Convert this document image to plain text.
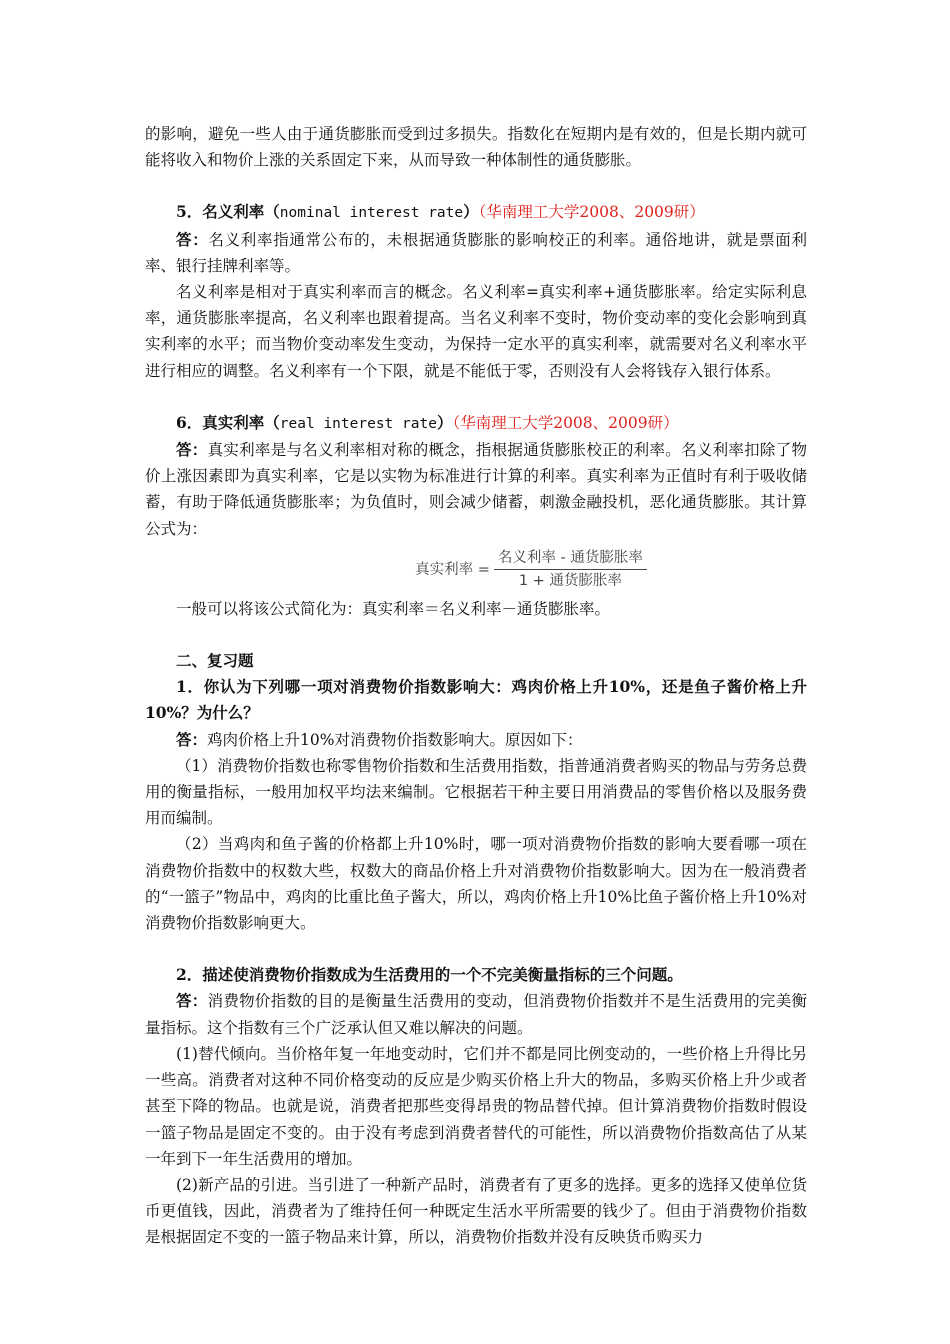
的影响，避免一些人由于通货膨胀而受到过多损失。指数化在短期内是有效的，但是长期内就可能将收入和物价上涨的关系固定下来，从而导致一种体制性的通货膨胀。

5．名义利率（nominal interest rate）（华南理工大学2008、2009研）

答：名义利率指通常公布的，未根据通货膨胀的影响校正的利率。通俗地讲，就是票面利率、银行挂牌利率等。

名义利率是相对于真实利率而言的概念。名义利率=真实利率+通货膨胀率。给定实际利息率，通货膨胀率提高，名义利率也跟着提高。当名义利率不变时，物价变动率的变化会影响到真实利率的水平；而当物价变动率发生变动，为保持一定水平的真实利率，就需要对名义利率水平进行相应的调整。名义利率有一个下限，就是不能低于零，否则没有人会将钱存入银行体系。

6．真实利率（real interest rate）（华南理工大学2008、2009研）

答：真实利率是与名义利率相对称的概念，指根据通货膨胀校正的利率。名义利率扣除了物价上涨因素即为真实利率，它是以实物为标准进行计算的利率。真实利率为正值时有利于吸收储蓄，有助于降低通货膨胀率；为负值时，则会减少储蓄，刺激金融投机，恶化通货膨胀。其计算公式为：

真实利率 = $\frac{\text{名义利率 - 通货膨胀率}}{\text{1 + 通货膨胀率}}$

一般可以将该公式简化为：真实利率＝名义利率－通货膨胀率。

二、复习题

1．你认为下列哪一项对消费物价指数影响大：鸡肉价格上升10%，还是鱼子酱价格上升10%？为什么？

答：鸡肉价格上升10%对消费物价指数影响大。原因如下：

（1）消费物价指数也称零售物价指数和生活费用指数，指普通消费者购买的物品与劳务总费用的衡量指标，一般用加权平均法来编制。它根据若干种主要日用消费品的零售价格以及服务费用而编制。

（2）当鸡肉和鱼子酱的价格都上升10%时，哪一项对消费物价指数的影响大要看哪一项在消费物价指数中的权数大些，权数大的商品价格上升对消费物价指数影响大。因为在一般消费者的“一篮子”物品中，鸡肉的比重比鱼子酱大，所以，鸡肉价格上升10%比鱼子酱价格上升10%对消费物价指数影响更大。

2．描述使消费物价指数成为生活费用的一个不完美衡量指标的三个问题。

答：消费物价指数的目的是衡量生活费用的变动，但消费物价指数并不是生活费用的完美衡量指标。这个指数有三个广泛承认但又难以解决的问题。

(1)替代倾向。当价格年复一年地变动时，它们并不都是同比例变动的，一些价格上升得比另一些高。消费者对这种不同价格变动的反应是少购买价格上升大的物品，多购买价格上升少或者甚至下降的物品。也就是说，消费者把那些变得昂贵的物品替代掉。但计算消费物价指数时假设一篮子物品是固定不变的。由于没有考虑到消费者替代的可能性，所以消费物价指数高估了从某一年到下一年生活费用的增加。

(2)新产品的引进。当引进了一种新产品时，消费者有了更多的选择。更多的选择又使单位货币更值钱，因此，消费者为了维持任何一种既定生活水平所需要的钱少了。但由于消费物价指数是根据固定不变的一篮子物品来计算，所以，消费物价指数并没有反映货币购买力
